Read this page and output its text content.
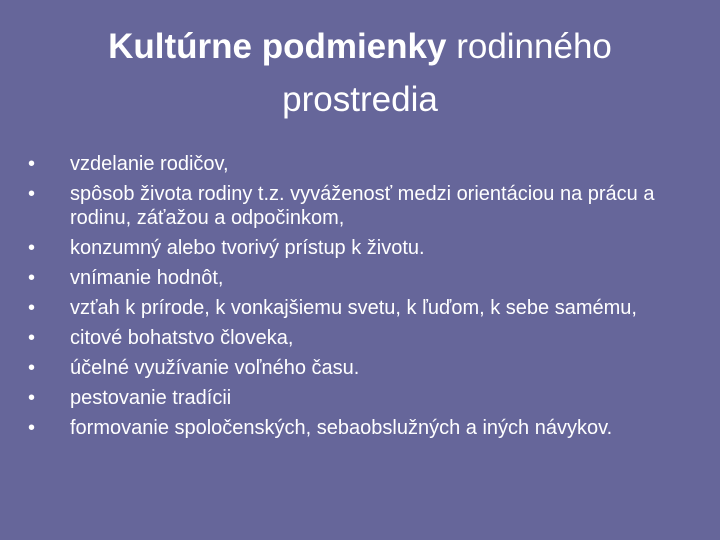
Kultúrne podmienky rodinného
prostredia
•	vzdelanie rodičov,
•	spôsob života rodiny t.z. vyváženosť medzi orientáciou na prácu a rodinu, záťažou a odpočinkom,
•	konzumný alebo tvorivý prístup k životu.
•	vnímanie hodnôt,
•	vzťah k prírode, k vonkajšiemu svetu, k ľuďom, k sebe samému,
•	citové bohatstvo človeka,
•	účelné využívanie voľného času.
•	pestovanie tradícii
•	formovanie spoločenských, sebaobslužných a iných návykov.
